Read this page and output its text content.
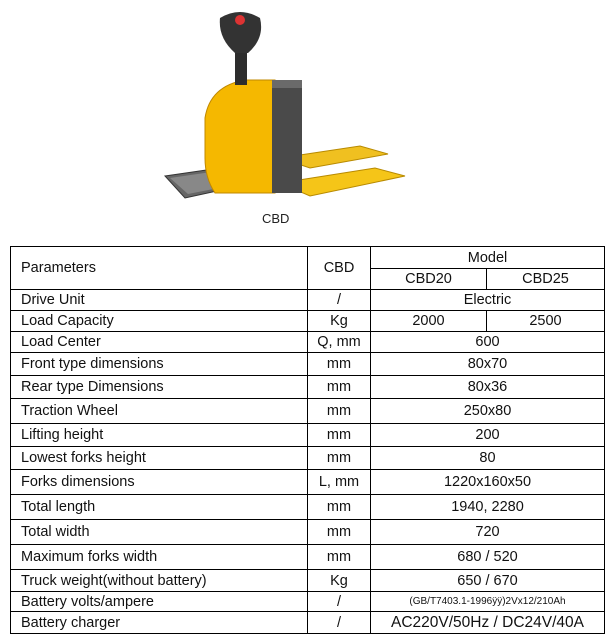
CBD
Parameters	CBD	Model	
		CBD20	CBD25
Drive Unit	/	Electric	
Load Capacity	Kg	2000	2500
Load Center	Q, mm	600	
Front type dimensions	mm	80x70	
Rear type Dimensions	mm	80x36	
Traction Wheel	mm	250x80	
Lifting height	mm	200	
Lowest forks height	mm	80	
Forks dimensions	L, mm	1220x160x50	
Total length	mm	1940, 2280	
Total width	mm	720	
Maximum forks width	mm	680 / 520	
Truck weight(without battery)	Kg	650 / 670	
Battery volts/ampere	/	(GB/T7403.1-1996ÿÿ)2Vx12/210Ah	
Battery charger	/	AC220V/50Hz / DC24V/40A	
